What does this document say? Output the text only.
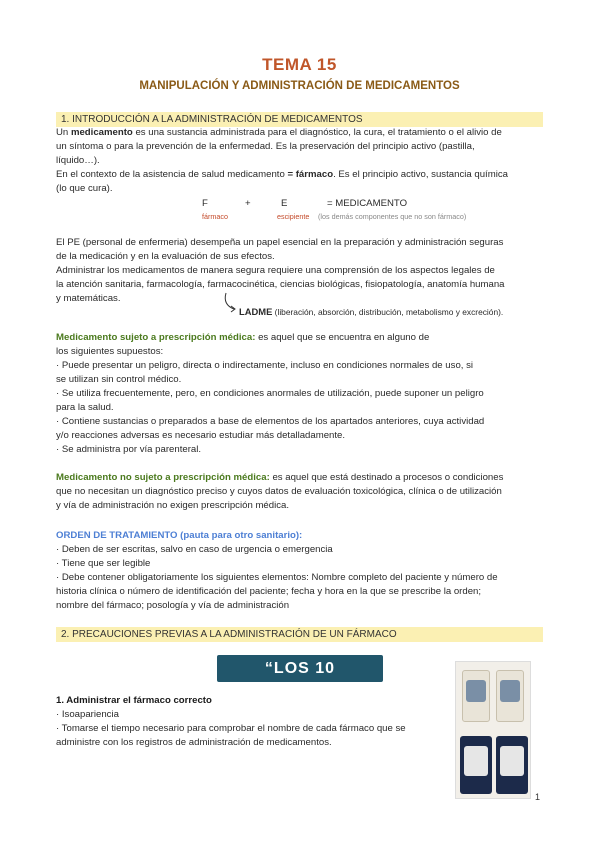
TEMA 15
MANIPULACIÓN Y ADMINISTRACIÓN DE MEDICAMENTOS
1. INTRODUCCIÓN A LA ADMINISTRACIÓN DE MEDICAMENTOS
Un medicamento es una sustancia administrada para el diagnóstico, la cura, el tratamiento o el alivio de
un síntoma o para la prevención de la enfermedad. Es la preservación del principio activo (pastilla,
líquido…).
En el contexto de la asistencia de salud medicamento = fármaco. Es el principio activo, sustancia química
(lo que cura).
F	+	E	= MEDICAMENTO
fármaco	escipiente (los demás componentes que no son fármaco)
El PE (personal de enfermeria) desempeña un papel esencial en la preparación y administración seguras
de la medicación y en la evaluación de sus efectos.
Administrar los medicamentos de manera segura requiere una comprensión de los aspectos legales de
la atención sanitaria, farmacología, farmacocinética, ciencias biológicas, fisiopatología, anatomía humana
y matemáticas.
LADME (liberación, absorción, distribución, metabolismo y excreción).
Medicamento sujeto a prescripción médica: es aquel que se encuentra en alguno de
los siguientes supuestos:
· Puede presentar un peligro, directa o indirectamente, incluso en condiciones normales de uso, si
se utilizan sin control médico.
· Se utiliza frecuentemente, pero, en condiciones anormales de utilización, puede suponer un peligro
para la salud.
· Contiene sustancias o preparados a base de elementos de los apartados anteriores, cuya actividad
y/o reacciones adversas es necesario estudiar más detalladamente.
· Se administra por vía parenteral.
Medicamento no sujeto a prescripción médica: es aquel que está destinado a procesos o condiciones
que no necesitan un diagnóstico preciso y cuyos datos de evaluación toxicológica, clínica o de utilización
y vía de administración no exigen prescripción médica.
ORDEN DE TRATAMIENTO (pauta para otro sanitario):
· Deben de ser escritas, salvo en caso de urgencia o emergencia
· Tiene que ser legible
· Debe contener obligatoriamente los siguientes elementos: Nombre completo del paciente y número de
historia clínica o número de identificación del paciente; fecha y hora en la que se prescribe la orden;
nombre del fármaco; posología y vía de administración
2. PRECAUCIONES PREVIAS A LA ADMINISTRACIÓN DE UN FÁRMACO
“LOS 10 CORRECTOS”
1. Administrar el fármaco correcto
· Isoapariencia
· Tomarse el tiempo necesario para comprobar el nombre de cada fármaco que se
administre con los registros de administración de medicamentos.
1
